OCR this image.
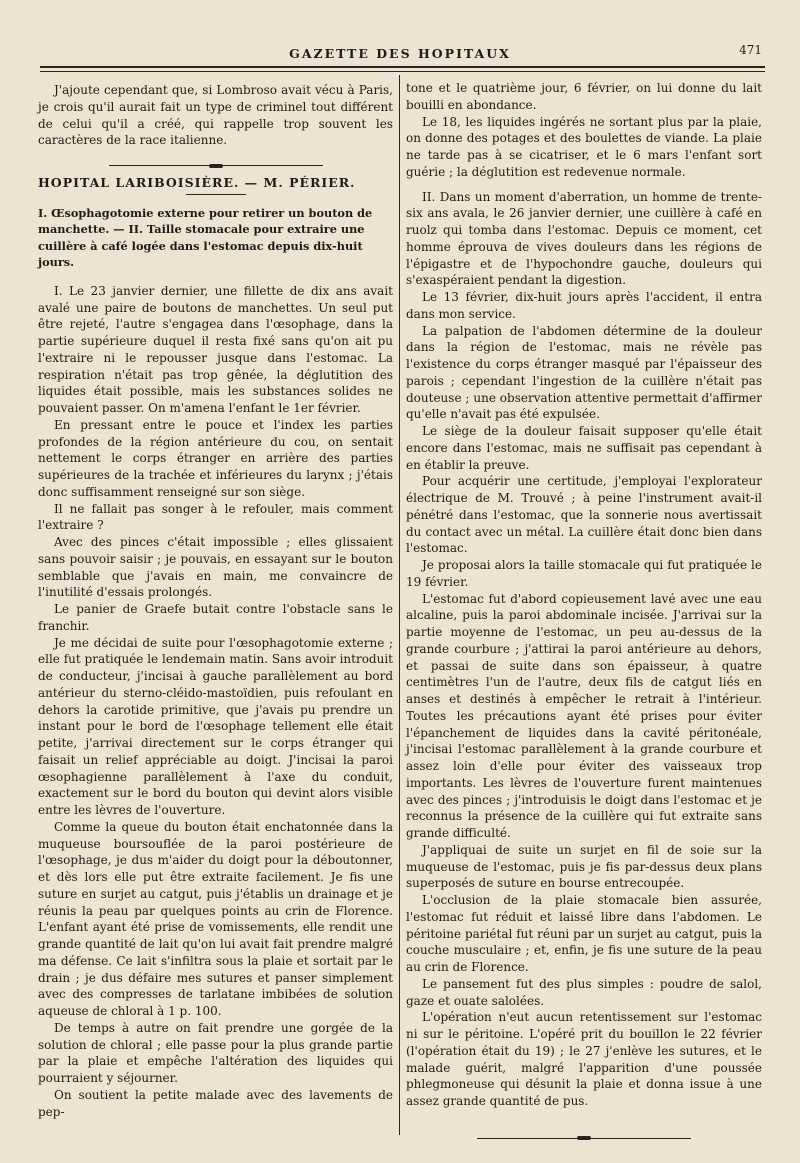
GAZETTE DES HOPITAUX	471

J'ajoute cependant que, si Lombroso avait vécu à Paris, je crois qu'il aurait fait un type de criminel tout différent de celui qu'il a créé, qui rappelle trop souvent les caractères de la race italienne.

HOPITAL LARIBOISIÈRE. — M. PÉRIER.

I. Œsophagotomie externe pour retirer un bouton de manchette. — II. Taille stomacale pour extraire une cuillère à café logée dans l'estomac depuis dix-huit jours.

I. Le 23 janvier dernier, une fillette de dix ans avait avalé une paire de boutons de manchettes. Un seul put être rejeté, l'autre s'engagea dans l'œsophage, dans la partie supérieure duquel il resta fixé sans qu'on ait pu l'extraire ni le repousser jusque dans l'estomac. La respiration n'était pas trop gênée, la déglutition des liquides était possible, mais les substances solides ne pouvaient passer. On m'amena l'enfant le 1er février.

En pressant entre le pouce et l'index les parties profondes de la région antérieure du cou, on sentait nettement le corps étranger en arrière des parties supérieures de la trachée et inférieures du larynx ; j'étais donc suffisamment renseigné sur son siège.

Il ne fallait pas songer à le refouler, mais comment l'extraire ?

Avec des pinces c'était impossible ; elles glissaient sans pouvoir saisir ; je pouvais, en essayant sur le bouton semblable que j'avais en main, me convaincre de l'inutilité d'essais prolongés.

Le panier de Graefe butait contre l'obstacle sans le franchir.

Je me décidai de suite pour l'œsophagotomie externe ; elle fut pratiquée le lendemain matin. Sans avoir introduit de conducteur, j'incisai à gauche parallèlement au bord antérieur du sterno-cléido-mastoïdien, puis refoulant en dehors la carotide primitive, que j'avais pu prendre un instant pour le bord de l'œsophage tellement elle était petite, j'arrivai directement sur le corps étranger qui faisait un relief appréciable au doigt. J'incisai la paroi œsophagienne parallèlement à l'axe du conduit, exactement sur le bord du bouton qui devint alors visible entre les lèvres de l'ouverture.

Comme la queue du bouton était enchatonnée dans la muqueuse boursouflée de la paroi postérieure de l'œsophage, je dus m'aider du doigt pour la déboutonner, et dès lors elle put être extraite facilement. Je fis une suture en surjet au catgut, puis j'établis un drainage et je réunis la peau par quelques points au crin de Florence. L'enfant ayant été prise de vomissements, elle rendit une grande quantité de lait qu'on lui avait fait prendre malgré ma défense. Ce lait s'infiltra sous la plaie et sortait par le drain ; je dus défaire mes sutures et panser simplement avec des compresses de tarlatane imbibées de solution aqueuse de chloral à 1 p. 100.

De temps à autre on fait prendre une gorgée de la solution de chloral ; elle passe pour la plus grande partie par la plaie et empêche l'altération des liquides qui pourraient y séjourner.

On soutient la petite malade avec des lavements de pep-

tone et le quatrième jour, 6 février, on lui donne du lait bouilli en abondance.

Le 18, les liquides ingérés ne sortant plus par la plaie, on donne des potages et des boulettes de viande. La plaie ne tarde pas à se cicatriser, et le 6 mars l'enfant sort guérie ; la déglutition est redevenue normale.

II. Dans un moment d'aberration, un homme de trente-six ans avala, le 26 janvier dernier, une cuillère à café en ruolz qui tomba dans l'estomac. Depuis ce moment, cet homme éprouva de vives douleurs dans les régions de l'épigastre et de l'hypochondre gauche, douleurs qui s'exaspéraient pendant la digestion.

Le 13 février, dix-huit jours après l'accident, il entra dans mon service.

La palpation de l'abdomen détermine de la douleur dans la région de l'estomac, mais ne révèle pas l'existence du corps étranger masqué par l'épaisseur des parois ; cependant l'ingestion de la cuillère n'était pas douteuse ; une observation attentive permettait d'affirmer qu'elle n'avait pas été expulsée.

Le siège de la douleur faisait supposer qu'elle était encore dans l'estomac, mais ne suffisait pas cependant à en établir la preuve.

Pour acquérir une certitude, j'employai l'explorateur électrique de M. Trouvé ; à peine l'instrument avait-il pénétré dans l'estomac, que la sonnerie nous avertissait du contact avec un métal. La cuillère était donc bien dans l'estomac.

Je proposai alors la taille stomacale qui fut pratiquée le 19 février.

L'estomac fut d'abord copieusement lavé avec une eau alcaline, puis la paroi abdominale incisée. J'arrivai sur la partie moyenne de l'estomac, un peu au-dessus de la grande courbure ; j'attirai la paroi antérieure au dehors, et passai de suite dans son épaisseur, à quatre centimètres l'un de l'autre, deux fils de catgut liés en anses et destinés à empêcher le retrait à l'intérieur. Toutes les précautions ayant été prises pour éviter l'épanchement de liquides dans la cavité péritonéale, j'incisai l'estomac parallèlement à la grande courbure et assez loin d'elle pour éviter des vaisseaux trop importants. Les lèvres de l'ouverture furent maintenues avec des pinces ; j'introduisis le doigt dans l'estomac et je reconnus la présence de la cuillère qui fut extraite sans grande difficulté.

J'appliquai de suite un surjet en fil de soie sur la muqueuse de l'estomac, puis je fis par-dessus deux plans superposés de suture en bourse entrecoupée.

L'occlusion de la plaie stomacale bien assurée, l'estomac fut réduit et laissé libre dans l'abdomen. Le péritoine pariétal fut réuni par un surjet au catgut, puis la couche musculaire ; et, enfin, je fis une suture de la peau au crin de Florence.

Le pansement fut des plus simples : poudre de salol, gaze et ouate salolées.

L'opération n'eut aucun retentissement sur l'estomac ni sur le péritoine. L'opéré prit du bouillon le 22 février (l'opération était du 19) ; le 27 j'enlève les sutures, et le malade guérit, malgré l'apparition d'une poussée phlegmoneuse qui désunit la plaie et donna issue à une assez grande quantité de pus.
